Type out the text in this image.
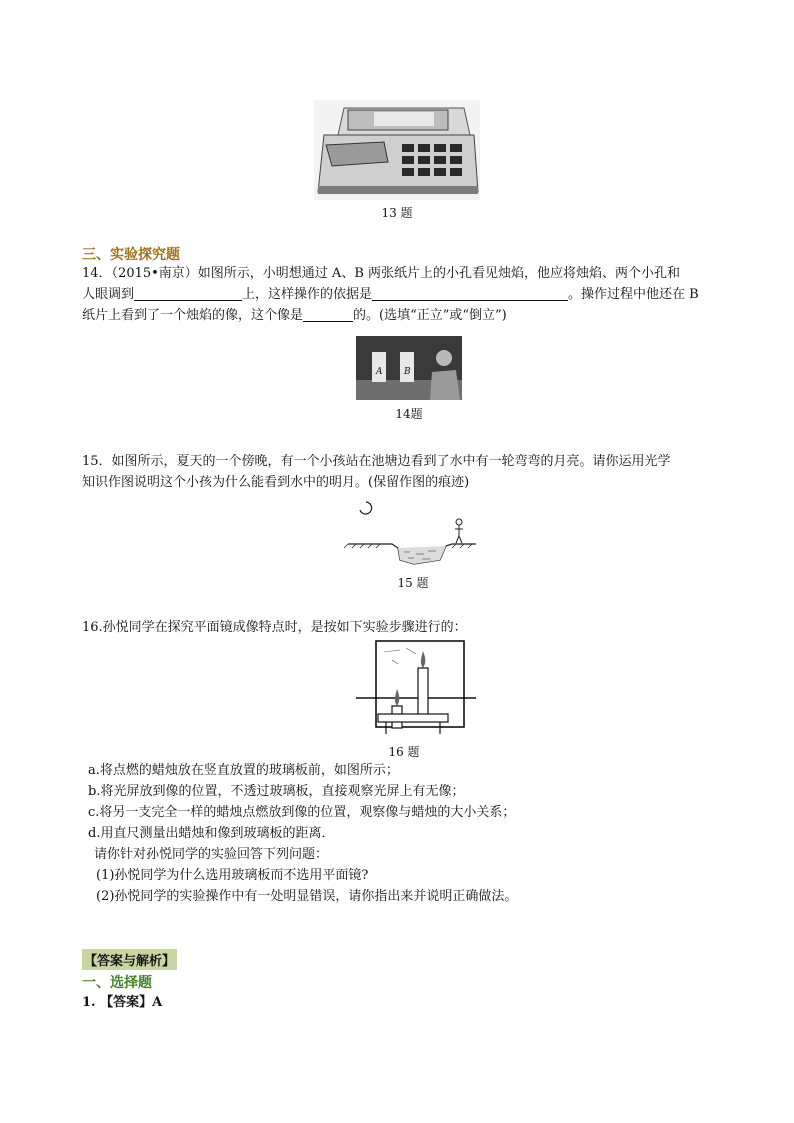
13 题
三、实验探究题
14．（2015•南京）如图所示，小明想通过 A、B 两张纸片上的小孔看见烛焰，他应将烛焰、两个小孔和
人眼调到	上，这样操作的依据是	。操作过程中他还在 B
纸片上看到了一个烛焰的像，这个像是	的。(选填“正立”或“倒立”)
A B
14题
15．如图所示，夏天的一个傍晚，有一个小孩站在池塘边看到了水中有一轮弯弯的月亮。请你运用光学
知识作图说明这个小孩为什么能看到水中的明月。(保留作图的痕迹)
15 题
16.孙悦同学在探究平面镜成像特点时，是按如下实验步骤进行的：
16 题
a.将点燃的蜡烛放在竖直放置的玻璃板前，如图所示；
b.将光屏放到像的位置，不透过玻璃板，直接观察光屏上有无像；
c.将另一支完全一样的蜡烛点燃放到像的位置，观察像与蜡烛的大小关系；
d.用直尺测量出蜡烛和像到玻璃板的距离．
请你针对孙悦同学的实验回答下列问题：
(1)孙悦同学为什么选用玻璃板而不选用平面镜?
(2)孙悦同学的实验操作中有一处明显错误，请你指出来并说明正确做法。
【答案与解析】
一、选择题
1. 【答案】A
